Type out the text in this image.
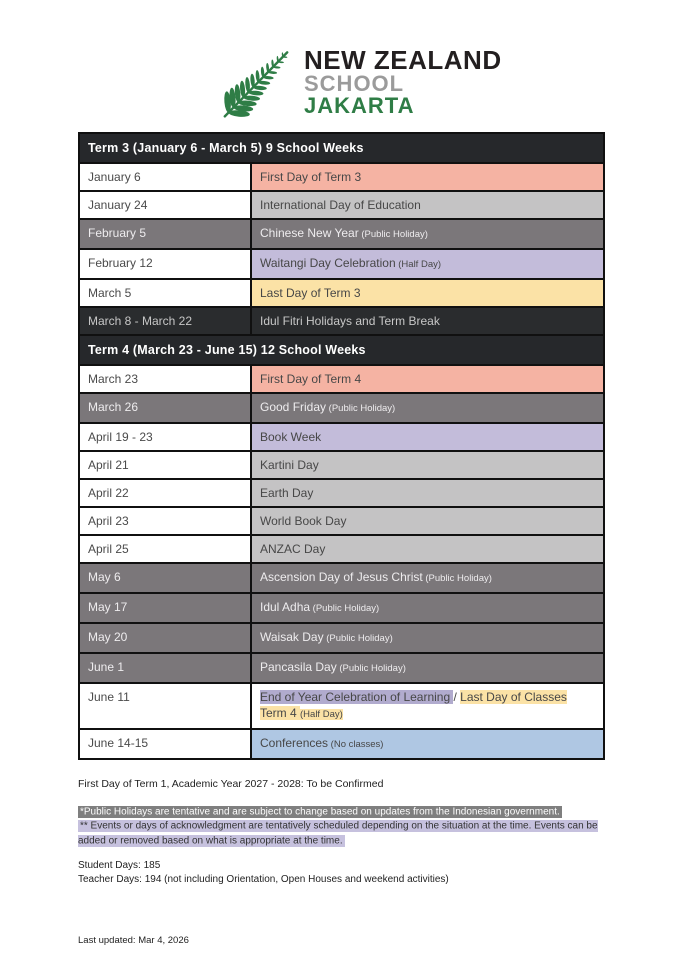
NEW ZEALAND
SCHOOL
JAKARTA
Term 3 (January 6 - March 5) 9 School Weeks
January 6	First Day of Term 3
January 24	International Day of Education
February 5	Chinese New Year (Public Holiday)
February 12	Waitangi Day Celebration (Half Day)
March 5	Last Day of Term 3
March 8 - March 22	Idul Fitri Holidays and Term Break
Term 4 (March 23 - June 15) 12 School Weeks
March 23	First Day of Term 4
March 26	Good Friday (Public Holiday)
April 19 - 23	Book Week
April 21	Kartini Day
April 22	Earth Day
April 23	World Book Day
April 25	ANZAC Day
May 6	Ascension Day of Jesus Christ (Public Holiday)
May 17	Idul Adha (Public Holiday)
May 20	Waisak Day (Public Holiday)
June 1	Pancasila Day (Public Holiday)
June 11	End of Year Celebration of Learning / Last Day of Classes Term 4 (Half Day)
June 14-15	Conferences (No classes)
First Day of Term 1, Academic Year 2027 - 2028: To be Confirmed
*Public Holidays are tentative and are subject to change based on updates from the Indonesian government.
** Events or days of acknowledgment are tentatively scheduled depending on the situation at the time. Events can be added or removed based on what is appropriate at the time.
Student Days: 185
Teacher Days: 194 (not including Orientation, Open Houses and weekend activities)
Last updated: Mar 4, 2026
